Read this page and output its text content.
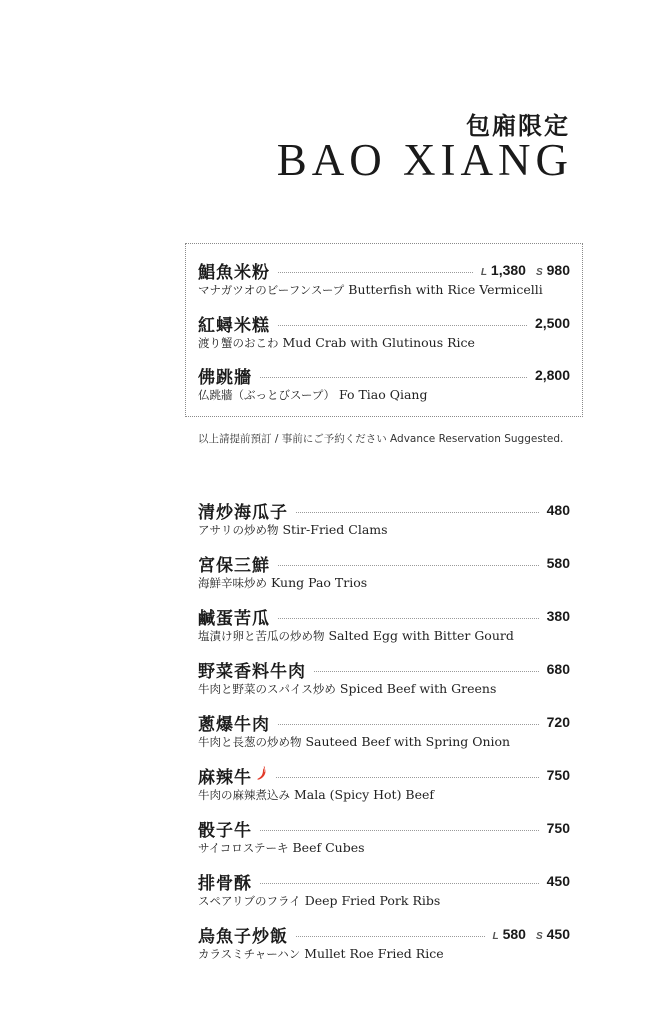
包廂限定
BAO XIANG
鯧魚米粉	L 1,380 S 980
マナガツオのビーフンスープ Butterfish with Rice Vermicelli
紅蟳米糕	2,500
渡り蟹のおこわ Mud Crab with Glutinous Rice
佛跳牆	2,800
仏跳牆（ぶっとびスープ） Fo Tiao Qiang
以上請提前預訂 / 事前にご予約ください Advance Reservation Suggested.
清炒海瓜子	480
アサリの炒め物 Stir-Fried Clams
宮保三鮮	580
海鮮辛味炒め Kung Pao Trios
鹹蛋苦瓜	380
塩漬け卵と苦瓜の炒め物 Salted Egg with Bitter Gourd
野菜香料牛肉	680
牛肉と野菜のスパイス炒め Spiced Beef with Greens
蔥爆牛肉	720
牛肉と長葱の炒め物 Sauteed Beef with Spring Onion
麻辣牛	750
牛肉の麻辣煮込み Mala (Spicy Hot) Beef
骰子牛	750
サイコロステーキ Beef Cubes
排骨酥	450
スペアリブのフライ Deep Fried Pork Ribs
烏魚子炒飯	L 580 S 450
カラスミチャーハン Mullet Roe Fried Rice
